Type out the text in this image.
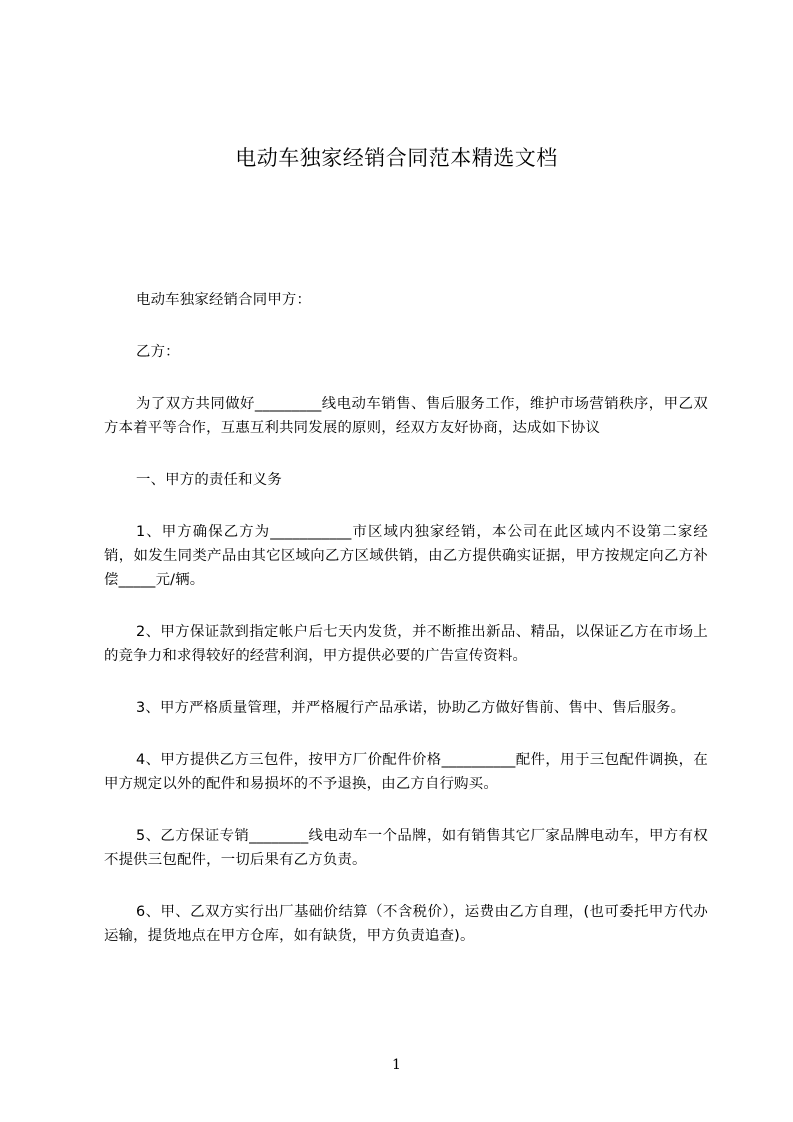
电动车独家经销合同范本精选文档

电动车独家经销合同甲方：

乙方：

为了双方共同做好_________线电动车销售、售后服务工作，维护市场营销秩序，甲乙双方本着平等合作，互惠互利共同发展的原则，经双方友好协商，达成如下协议

一、甲方的责任和义务

1、甲方确保乙方为___________市区域内独家经销，本公司在此区域内不设第二家经销，如发生同类产品由其它区域向乙方区域供销，由乙方提供确实证据，甲方按规定向乙方补偿_____元/辆。

2、甲方保证款到指定帐户后七天内发货，并不断推出新品、精品，以保证乙方在市场上的竞争力和求得较好的经营利润，甲方提供必要的广告宣传资料。

3、甲方严格质量管理，并严格履行产品承诺，协助乙方做好售前、售中、售后服务。

4、甲方提供乙方三包件，按甲方厂价配件价格__________配件，用于三包配件调换，在甲方规定以外的配件和易损坏的不予退换，由乙方自行购买。

5、乙方保证专销________线电动车一个品牌，如有销售其它厂家品牌电动车，甲方有权不提供三包配件，一切后果有乙方负责。

6、甲、乙双方实行出厂基础价结算（不含税价），运费由乙方自理，(也可委托甲方代办运输，提货地点在甲方仓库，如有缺货，甲方负责追查)。

1
